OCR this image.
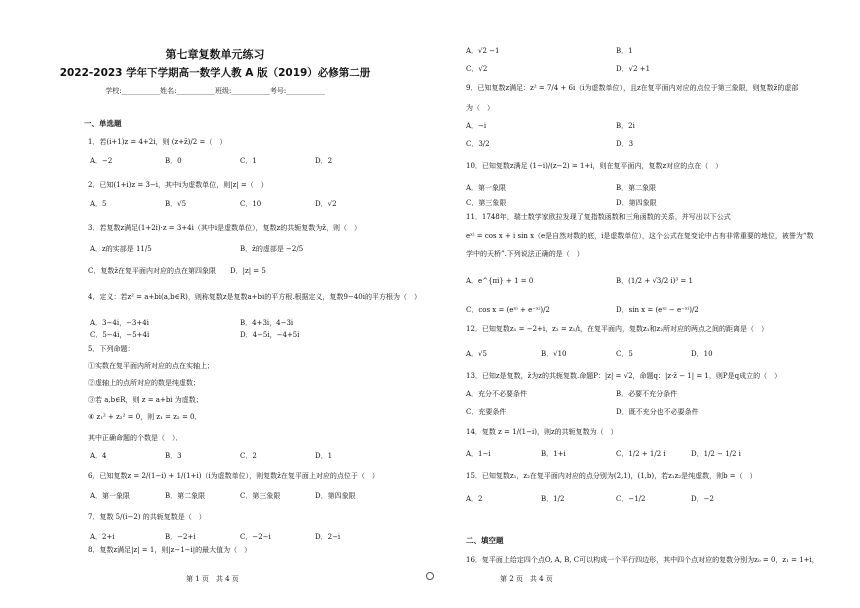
第七章复数单元练习
2022-2023 学年下学期高一数学人教 A 版（2019）必修第二册
学校:___________姓名:___________班级:___________考号:___________
一、单选题
1．若(i+1)z = 4+2i，则 (z+z̄)/2 =（　）
2．已知(1+i)z = 3−i，其中i为虚数单位，则|z| =（　）
3．若复数z满足(1+2i)·z = 3+4i（其中i是虚数单位），复数z的共轭复数为z̄，则（　）
C．复数z̄在复平面内对应的点在第四象限　　D．|z| = 5
4．定义：若z² = a+bi(a,b∈R)，则称复数z是复数a+bi的平方根.根据定义，复数9−40i的平方根为（　）
5．下列命题：
①实数在复平面内所对应的点在实轴上；
②虚轴上的点所对应的数是纯虚数；
③若 a,b∈R，则 z = a+bi 为虚数；
④ z₁² + z₂² = 0，则 z₁ = z₂ = 0．
其中正确命题的个数是（　）．
6．已知复数z = 2/(1−i) + 1/(1+i)（i为虚数单位），则复数z̄在复平面上对应的点位于（　）
7．复数 5/(i−2) 的共轭复数是（　）
8．复数z满足|z| = 1，则|z−1−i|的最大值为（　）
A．−2	B．0	C．1	D．2
A．5	B．√5	C．10	D．√2
A．3−4i，−3+4i	B．4+3i，4−3i
C．5−4i，−5+4i	D．4−5i，−4+5i
A．4	B．3	C．2	D．1
A．第一象限	B．第二象限	C．第三象限	D．第四象限
A．2+i	B．−2+i	C．−2−i	D．2−i
A．z的实部是 11/5	B．z̄的虚部是 −2/5
第 1 页　共 4 页
9．已知复数z满足：z² = 7/4 + 6i（i为虚数单位），且z在复平面内对应的点位于第三象限，则复数z̄的虚部
为（　）
10．已知复数z满足 (1−i)/(z−2) = 1+i，则在复平面内，复数z对应的点在（　）
11．1748年，瑞士数学家欧拉发现了复指数函数和三角函数的关系，并写出以下公式
eˣⁱ = cos x + i sin x（e是自然对数的底，i是虚数单位），这个公式在复变论中占有非常重要的地位，被誉为“数
学中的天桥”.下列说法正确的是（　）
12．已知复数z₁ = −2+i，z₂ = z₁/i，在复平面内，复数z₁和z₂所对应的两点之间的距离是（　）
13．已知z是复数，z̄为z的共轭复数.命题P：|z| = √2，命题q：|z·z̄ − 1| = 1，则P是q成立的（　）
14．复数 z = 1/(1−i)，则z的共轭复数为（　）
15．已知复数z₁，z₂在复平面内对应的点分别为(2,1)，(1,b)，若z₁z₂是纯虚数，则b =（　）
16．复平面上给定四个点O, A, B, C可以构成一个平行四边形，其中四个点对应的复数分别为z₀ = 0，z₁ = 1+i，
A．√2 −1	B．1
C．√2	D．√2 +1
A．−i	B．2i
C．3/2	D．3
A．第一象限	B．第二象限
C．第三象限	D．第四象限
A．e^{πi} + 1 = 0	B．(1/2 + √3/2 i)³ = 1
C．cos x = (eˣⁱ + e⁻ˣⁱ)/2	D．sin x = (eˣⁱ − e⁻ˣⁱ)/2
A．√5	B．√10	C．5	D．10
A．充分不必要条件	B．必要不充分条件
C．充要条件	D．既不充分也不必要条件
A．1−i	B．1+i	C．1/2 + 1/2 i	D．1/2 − 1/2 i
A．2	B．1/2	C．−1/2	D．−2
二、填空题
第 2 页　共 4 页
